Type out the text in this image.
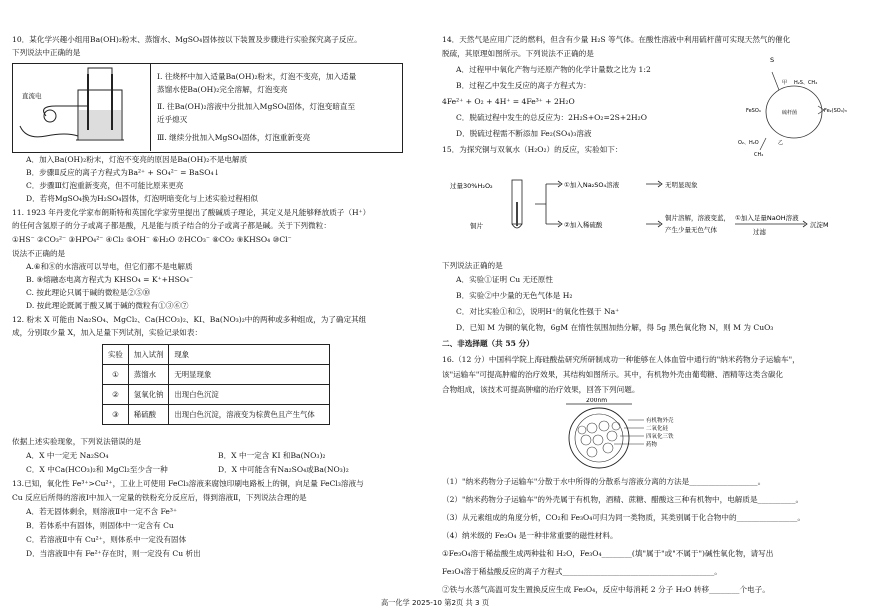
10．某化学兴趣小组用Ba(OH)₂粉末、蒸馏水、MgSO₄固体按以下装置及步骤进行实验探究离子反应。

下列说法中正确的是

直流电

Ⅰ. 往烧杯中加入适量Ba(OH)₂粉末，灯泡不变亮，加入适量

蒸馏水使Ba(OH)₂完全溶解，灯泡变亮

Ⅱ. 往Ba(OH)₂溶液中分批加入MgSO₄固体，灯泡变暗直至

近乎熄灭

Ⅲ. 继续分批加入MgSO₄固体，灯泡重新变亮

A．加入Ba(OH)₂粉末，灯泡不变亮的原因是Ba(OH)₂不是电解质

B．步骤Ⅱ反应的离子方程式为Ba²⁺ + SO₄²⁻ = BaSO₄↓

C．步骤Ⅲ灯泡重新变亮，但不可能比原来更亮

D．若将MgSO₄换为H₂SO₄固体，灯泡明暗变化与上述实验过程相似

11. 1923 年丹麦化学家布朗斯特和英国化学家劳里提出了酸碱质子理论，其定义是凡能够释放质子（H⁺）

的任何含氢原子的分子或离子都是酸，凡是能与质子结合的分子或离子都是碱。关于下列微粒：

①HS⁻ ②CO₃²⁻ ③HPO₄²⁻ ④Cl₂ ⑤OH⁻ ⑥H₂O ⑦HCO₃⁻ ⑧CO₂ ⑨KHSO₄ ⑩Cl⁻

说法不正确的是

A.⑥和⑧的水溶液可以导电，但它们都不是电解质

B. ⑨熔融态电离方程式为 KHSO₄ = K⁺+HSO₄⁻

C. 按此理论只属于碱的微粒是②⑤⑩

D. 按此理论既属于酸又属于碱的微粒有①③⑥⑦

12. 粉末 X 可能由 Na₂SO₄、MgCl₂、Ca(HCO₃)₂、KI、Ba(NO₃)₂中的两种或多种组成，为了确定其组

成，分别取少量 X，加入足量下列试剂，实验记录如表：

实验	加入试剂	现象
①	蒸馏水	无明显现象
②	氢氧化钠	出现白色沉淀
③	稀硫酸	出现白色沉淀，溶液变为棕黄色且产生气体

依据上述实验现象，下列说法错误的是

A．X 中一定无 Na₂SO₄	B．X 中一定含 KI 和Ba(NO₃)₂

C．X 中Ca(HCO₃)₂和 MgCl₂至少含一种	D．X 中可能含有Na₂SO₄或Ba(NO₃)₂

13.已知，氧化性 Fe³⁺>Cu²⁺，工业上可使用 FeCl₃溶液来腐蚀印刷电路板上的铜，向足量 FeCl₃溶液与

Cu 反应后所得的溶液Ⅰ中加入一定量的铁粉充分反应后，得到溶液Ⅱ，下列说法合理的是

A．若无固体剩余，则溶液Ⅱ中一定不含 Fe³⁺

B．若体系中有固体，则固体中一定含有 Cu

C．若溶液Ⅱ中有 Cu²⁺，则体系中一定没有固体

D．当溶液Ⅱ中有 Fe²⁺存在时，则一定没有 Cu 析出

14．天然气是应用广泛的燃料，但含有少量 H₂S 等气体。在酸性溶液中利用硫杆菌可实现天然气的催化

脱硫，其原理如图所示。下列说法不正确的是

A．过程甲中氧化产物与还原产物的化学计量数之比为 1:2

B．过程乙中发生反应的离子方程式为：

4Fe²⁺ + O₂ + 4H⁺ = 4Fe³⁺ + 2H₂O

C．脱硫过程中发生的总反应为：2H₂S+O₂=2S+2H₂O

D．脱硫过程需不断添加 Fe₂(SO₄)₃溶液

S
甲 H₂S、CH₄
FeSO₄	Fe₂(SO₄)₃
硫杆菌
乙
O₂、H₂O
CH₄

15．为探究铜与双氧水（H₂O₂）的反应，实验如下：

过量30%H₂O₂
铜片
①加入Na₂SO₄溶液	无明显现象
②加入稀硫酸
铜片溶解，溶液变蓝，
产生少量无色气体
①加入足量NaOH溶液
过滤
沉淀M

下列说法正确的是

A．实验①证明 Cu 无还原性

B．实验②中少量的无色气体是 H₂

C．对比实验①和②，说明H⁺的氧化性强于 Na⁺

D．已知 M 为铜的氧化物，6gM 在惰性氛围加热分解，得 5g 黑色氧化物 N，则 M 为 CuO₃

二、非选择题（共 55 分）

16.（12 分）中国科学院上海硅酸盐研究所研制成功一种能够在人体血管中通行的"纳米药物分子运输车"，

该"运输车"可提高肿瘤的治疗效果，其结构如图所示。其中，有机物外壳由葡萄糖、酒精等这类含碳化

合物组成，该技术可提高肿瘤的治疗效果，回答下列问题。

200nm
有机物外壳
二氧化硅
四氧化三铁
药物

（1）"纳米药物分子运输车"分散于水中所得的分散系与溶液分离的方法是__________________。

（2）"纳米药物分子运输车"的外壳属于有机物，酒精、蔗糖、醋酸这三种有机物中，电解质是__________。

（3）从元素组成的角度分析，CO₂和 Fe₃O₄可归为同一类物质，其类别属于化合物中的________________。

（4）纳米级的 Fe₃O₄ 是一种非常重要的磁性材料。

①Fe₃O₄溶于稀盐酸生成两种盐和 H₂O，Fe₃O₄________(填"属于"或"不属于")碱性氧化物，请写出

Fe₃O₄溶于稀盐酸反应的离子方程式________________________________________。

②铁与水蒸气高温可发生置换反应生成 Fe₃O₄，反应中每消耗 2 分子 H₂O 转移________个电子。

高一化学 2025-10 第2页 共 3 页
